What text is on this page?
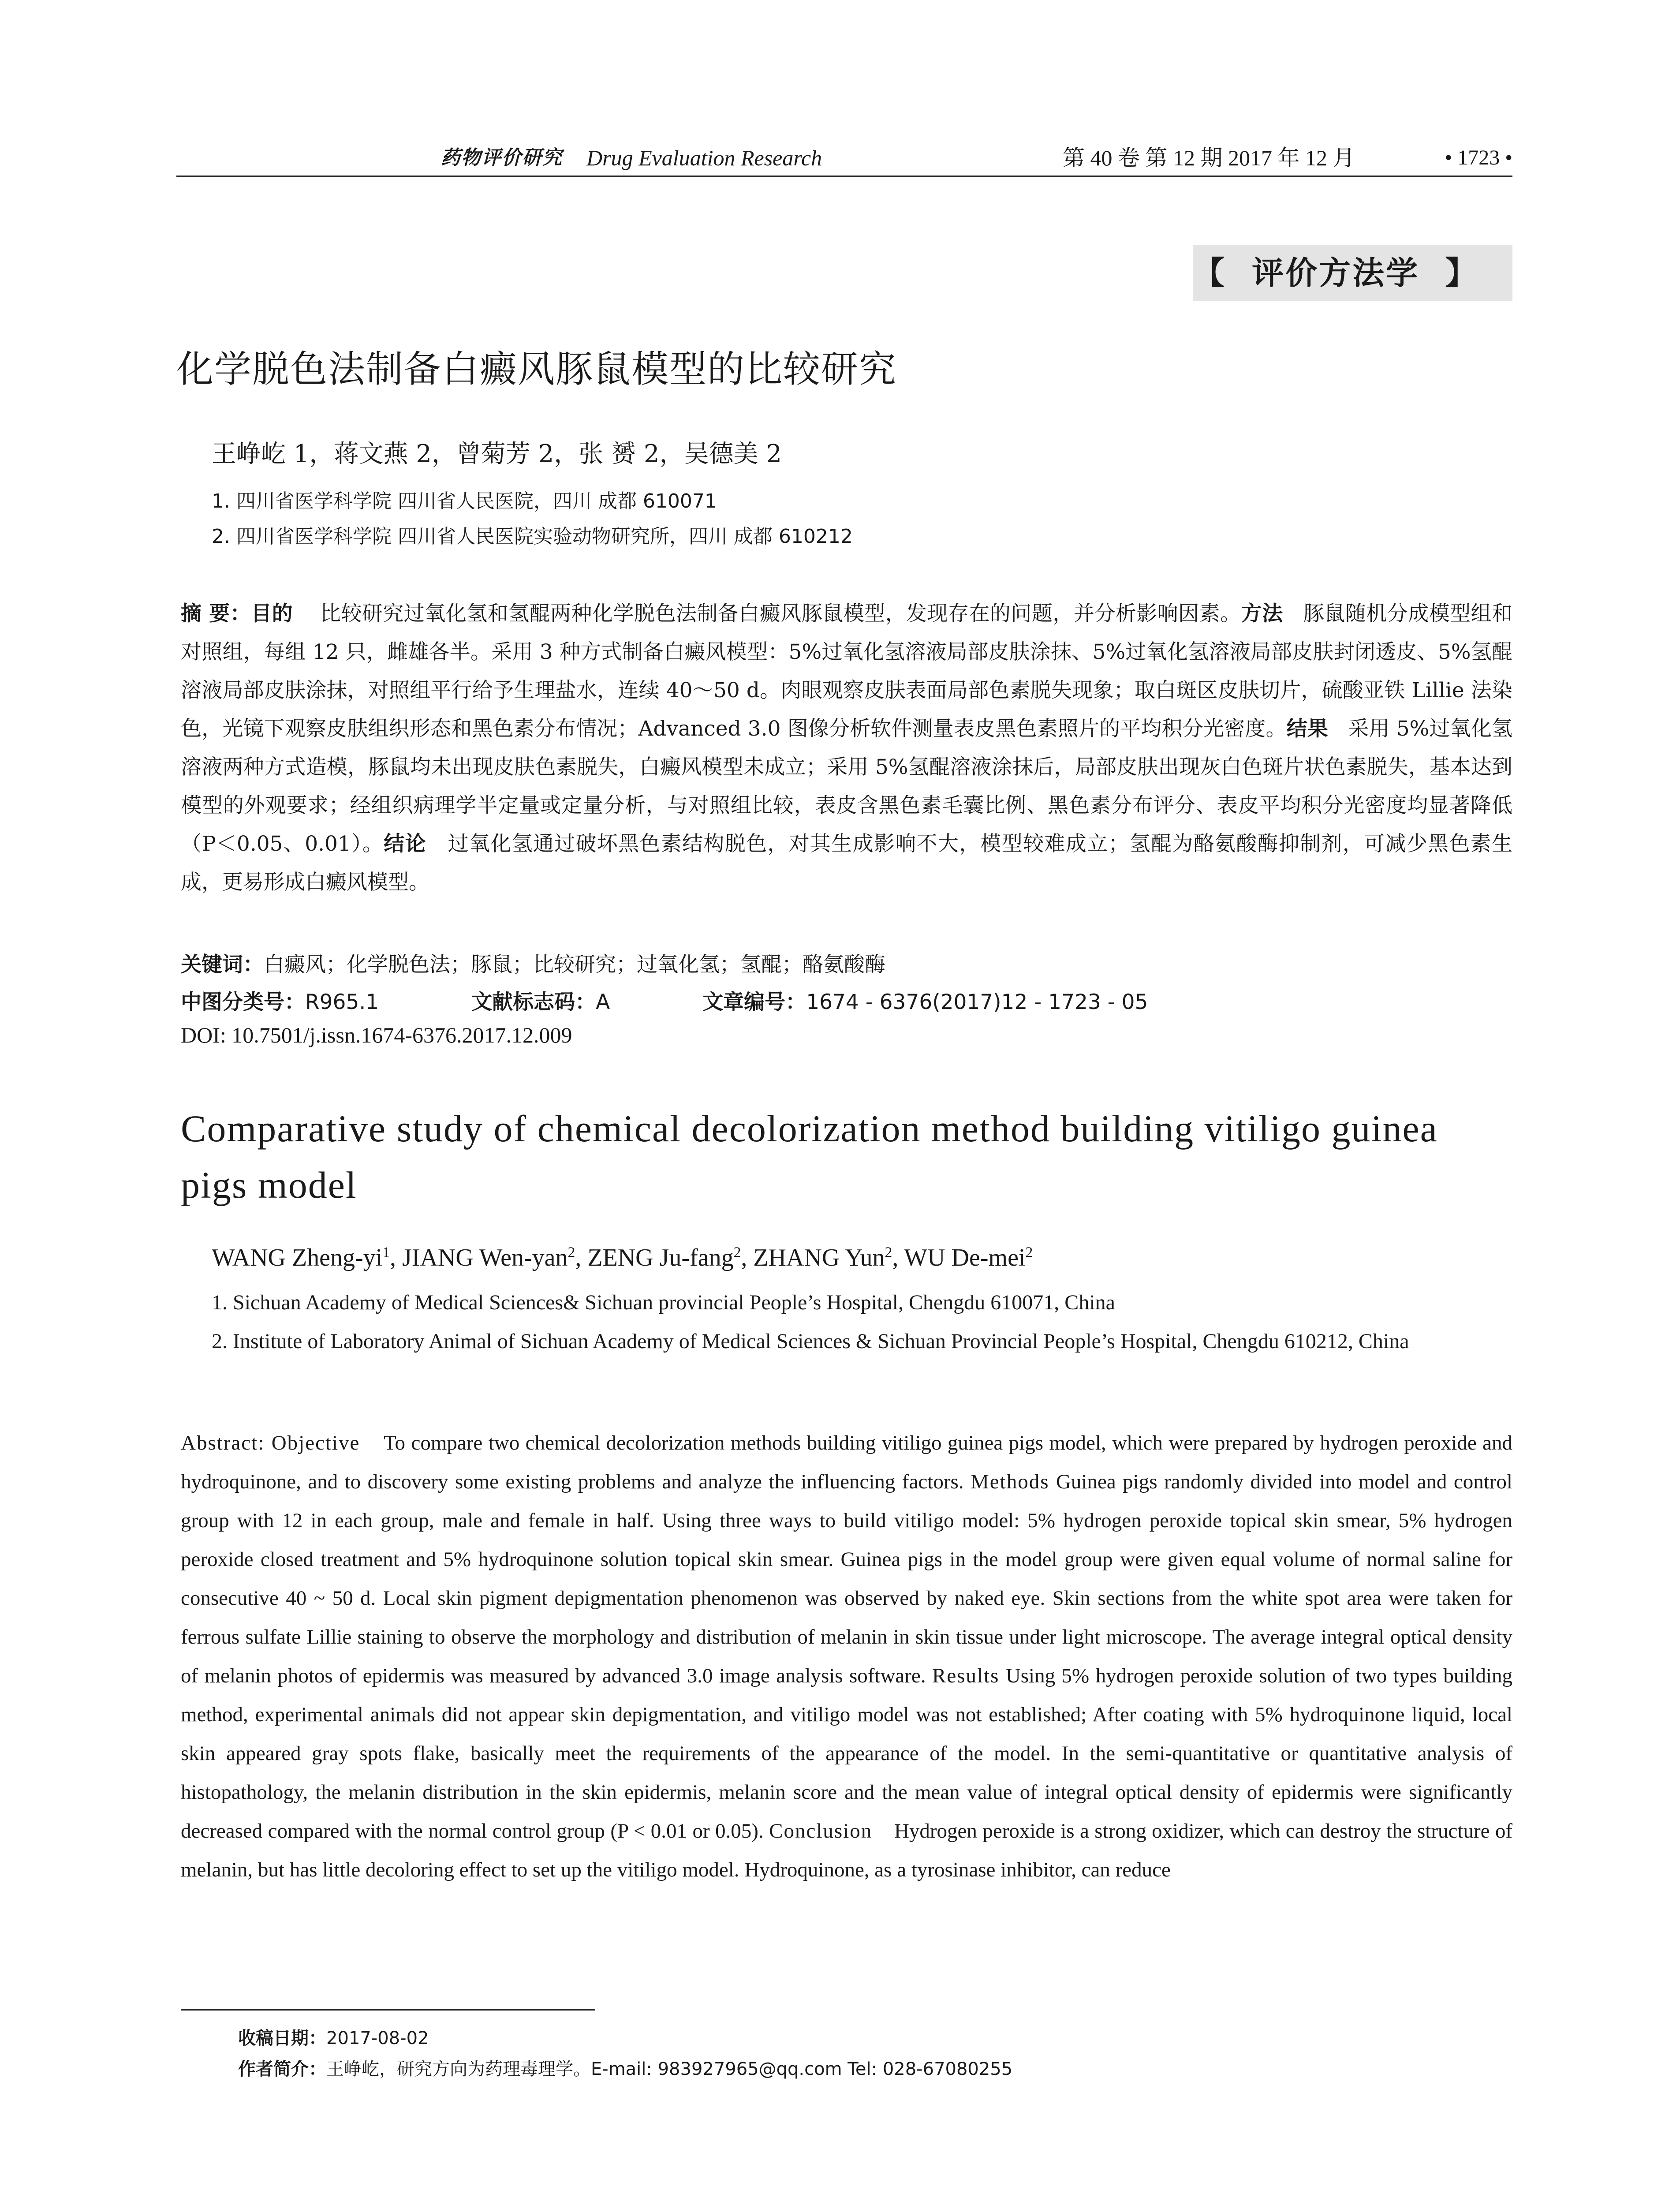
药物评价研究 Drug Evaluation Research	第 40 卷 第 12 期 2017 年 12 月	• 1723 •
【  评价方法学  】
化学脱色法制备白癜风豚鼠模型的比较研究
王峥屹 1，蒋文燕 2，曾菊芳 2，张 赟 2，吴德美 2
1. 四川省医学科学院 四川省人民医院，四川 成都 610071
2. 四川省医学科学院 四川省人民医院实验动物研究所，四川 成都 610212
摘 要：目的 比较研究过氧化氢和氢醌两种化学脱色法制备白癜风豚鼠模型，发现存在的问题，并分析影响因素。方法 豚鼠随机分成模型组和对照组，每组 12 只，雌雄各半。采用 3 种方式制备白癜风模型：5%过氧化氢溶液局部皮肤涂抹、5%过氧化氢溶液局部皮肤封闭透皮、5%氢醌溶液局部皮肤涂抹，对照组平行给予生理盐水，连续 40～50 d。肉眼观察皮肤表面局部色素脱失现象；取白斑区皮肤切片，硫酸亚铁 Lillie 法染色，光镜下观察皮肤组织形态和黑色素分布情况；Advanced 3.0 图像分析软件测量表皮黑色素照片的平均积分光密度。结果 采用 5%过氧化氢溶液两种方式造模，豚鼠均未出现皮肤色素脱失，白癜风模型未成立；采用 5%氢醌溶液涂抹后，局部皮肤出现灰白色斑片状色素脱失，基本达到模型的外观要求；经组织病理学半定量或定量分析，与对照组比较，表皮含黑色素毛囊比例、黑色素分布评分、表皮平均积分光密度均显著降低（P＜0.05、0.01）。结论 过氧化氢通过破坏黑色素结构脱色，对其生成影响不大，模型较难成立；氢醌为酪氨酸酶抑制剂，可减少黑色素生成，更易形成白癜风模型。
关键词：白癜风；化学脱色法；豚鼠；比较研究；过氧化氢；氢醌；酪氨酸酶
中图分类号：R965.1	文献标志码：A	文章编号：1674 - 6376(2017)12 - 1723 - 05
DOI: 10.7501/j.issn.1674-6376.2017.12.009
Comparative study of chemical decolorization method building vitiligo guinea pigs model
WANG Zheng-$yi^1$, JIANG Wen-yan$^2$, ZENG Ju-fang$^2$, ZHANG Yun$^2$, WU De-mei$^2$
1. Sichuan Academy of Medical Sciences& Sichuan provincial People’s Hospital, Chengdu 610071, China
2. Institute of Laboratory Animal of Sichuan Academy of Medical Sciences & Sichuan Provincial People’s Hospital, Chengdu 610212, China
Abstract: Objective To compare two chemical decolorization methods building vitiligo guinea pigs model, which were prepared by hydrogen peroxide and hydroquinone, and to discovery some existing problems and analyze the influencing factors. Methods Guinea pigs randomly divided into model and control group with 12 in each group, male and female in half. Using three ways to build vitiligo model: 5% hydrogen peroxide topical skin smear, 5% hydrogen peroxide closed treatment and 5% hydroquinone solution topical skin smear. Guinea pigs in the model group were given equal volume of normal saline for consecutive 40 ~ 50 d. Local skin pigment depigmentation phenomenon was observed by naked eye. Skin sections from the white spot area were taken for ferrous sulfate Lillie staining to observe the morphology and distribution of melanin in skin tissue under light microscope. The average integral optical density of melanin photos of epidermis was measured by advanced 3.0 image analysis software. Results Using 5% hydrogen peroxide solution of two types building method, experimental animals did not appear skin depigmentation, and vitiligo model was not established; After coating with 5% hydroquinone liquid, local skin appeared gray spots flake, basically meet the requirements of the appearance of the model. In the semi-quantitative or quantitative analysis of histopathology, the melanin distribution in the skin epidermis, melanin score and the mean value of integral optical density of epidermis were significantly decreased compared with the normal control group (P < 0.01 or 0.05). Conclusion Hydrogen peroxide is a strong oxidizer, which can destroy the structure of melanin, but has little decoloring effect to set up the vitiligo model. Hydroquinone, as a tyrosinase inhibitor, can reduce
收稿日期：2017-08-02
作者简介：王峥屹，研究方向为药理毒理学。E-mail: 983927965@qq.com Tel: 028-67080255
